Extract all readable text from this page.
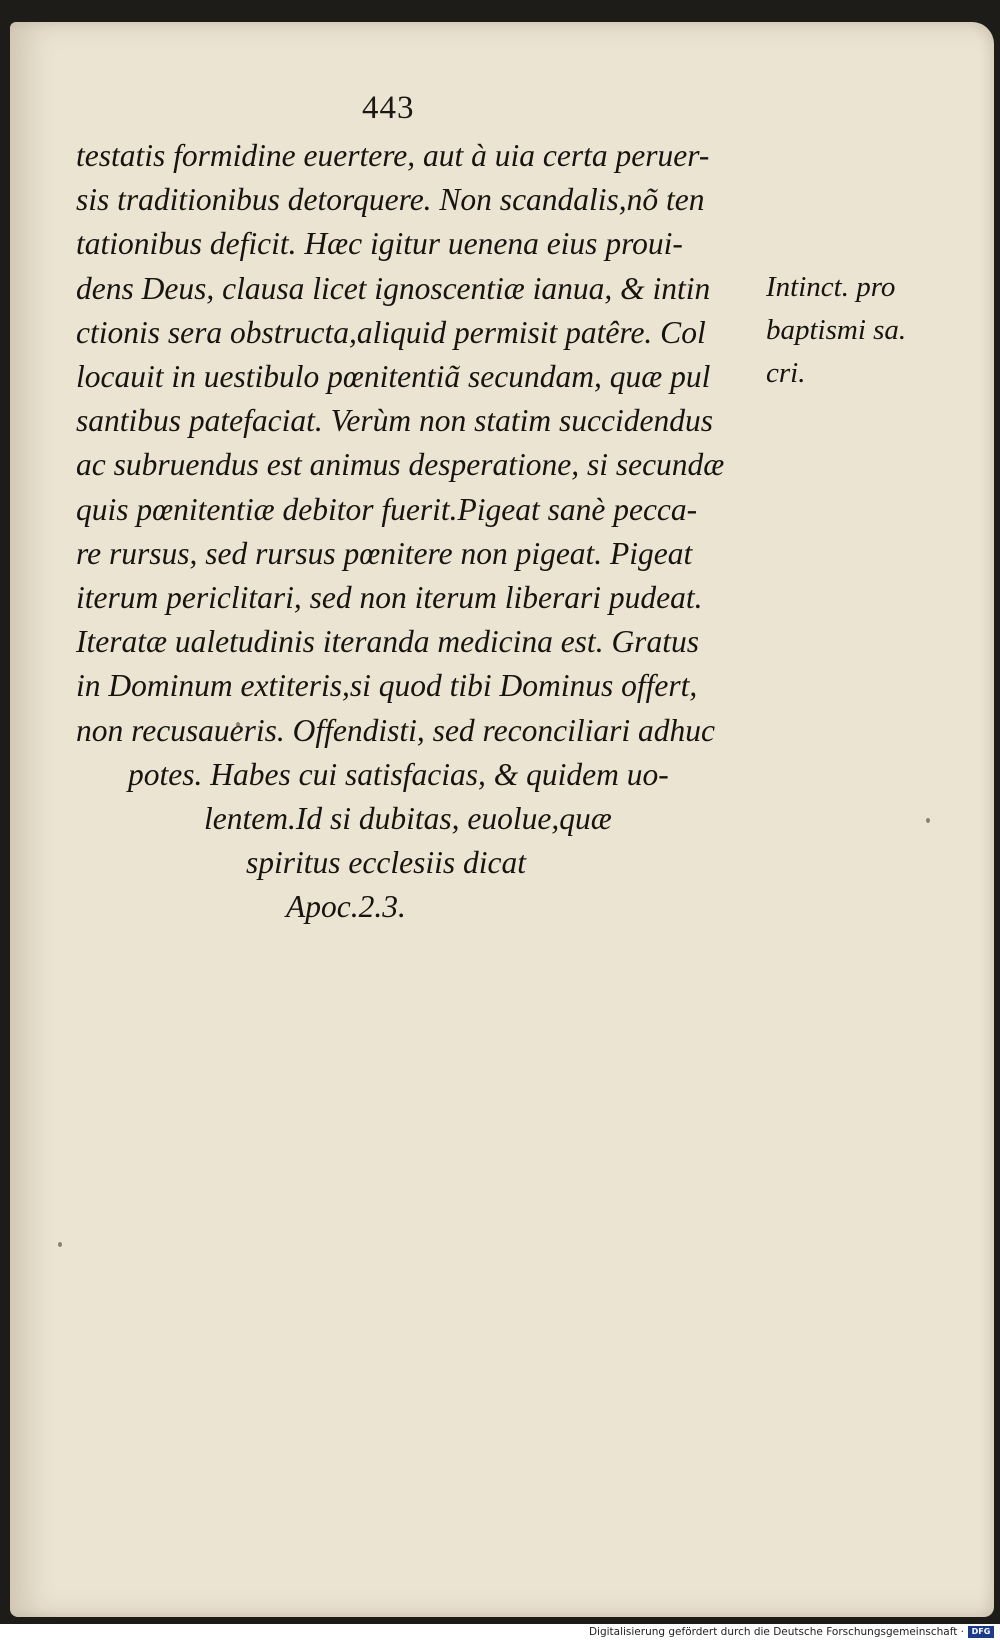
443
testatis formidine euertere, aut à uia certa peruer-
sis traditionibus detorquere. Non scandalis,nõ ten
tationibus deficit. Hæc igitur uenena eius proui-
dens Deus, clausa licet ignoscentiæ ianua, & intin
ctionis sera obstructa,aliquid permisit patêre. Col
locauit in uestibulo pœnitentiã secundam, quæ pul
santibus patefaciat. Verùm non statim succidendus
ac subruendus est animus desperatione, si secundæ
quis pœnitentiæ debitor fuerit.Pigeat sanè pecca-
re rursus, sed rursus pœnitere non pigeat. Pigeat
iterum periclitari, sed non iterum liberari pudeat.
Iteratæ ualetudinis iteranda medicina est. Gratus
in Dominum extiteris,si quod tibi Dominus offert,
non recusaueris. Offendisti, sed reconciliari adhuc
potes. Habes cui satisfacias, & quidem uo-
lentem.Id si dubitas, euolue,quæ
spiritus ecclesiis dicat
Apoc.2.3.
Intinct. pro
baptismi sa.
cri.
Digitalisierung gefördert durch die Deutsche Forschungsgemeinschaft · DFG
